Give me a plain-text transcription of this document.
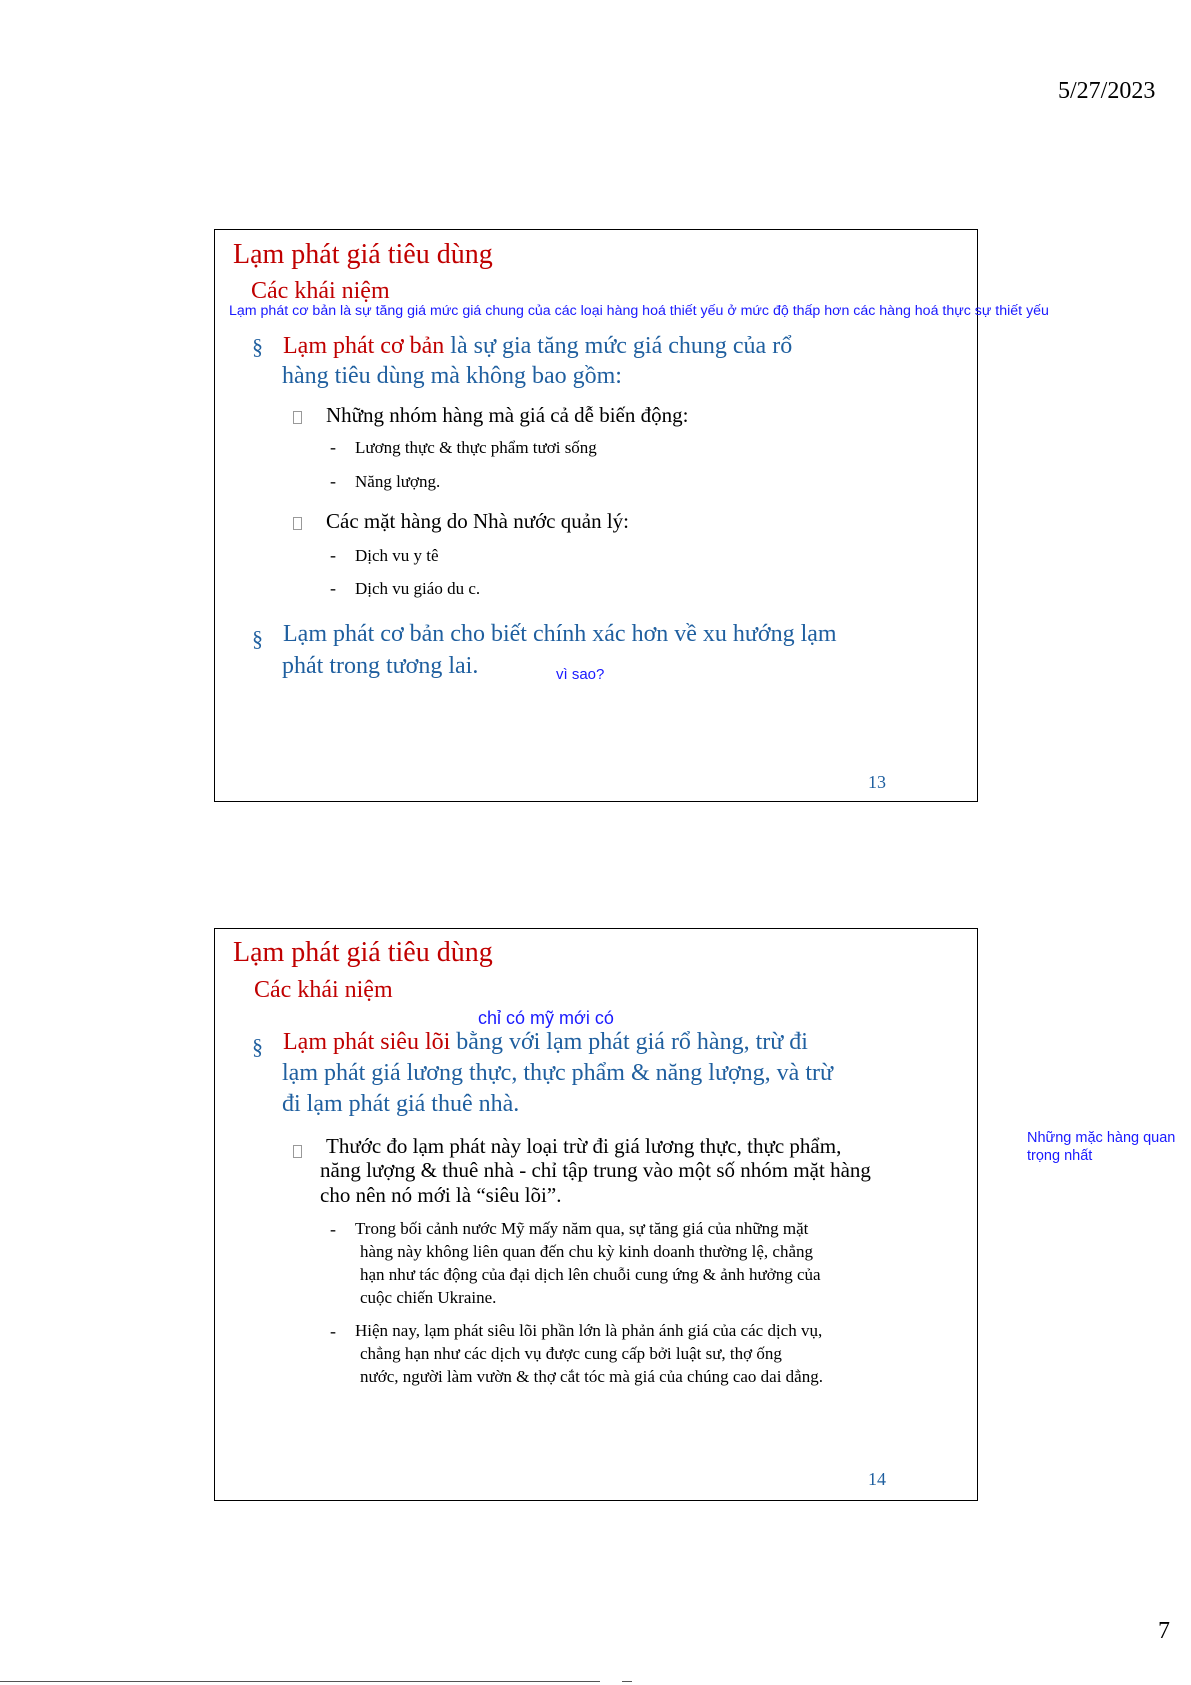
5/27/2023
Lạm phát giá tiêu dùng
Các khái niệm
Lạm phát cơ bản là sự tăng giá mức giá chung của các loại hàng hoá thiết yếu ở mức độ thấp hơn các hàng hoá thực sự thiết yếu
§ Lạm phát cơ bản là sự gia tăng mức giá chung của rổ
hàng tiêu dùng mà không bao gồm:
Những nhóm hàng mà giá cả dễ biến động:
- Lương thực & thực phẩm tươi sống
- Năng lượng.
Các mặt hàng do Nhà nước quản lý:
- Dịch vu y tê
- Dịch vu giáo du c.
§ Lạm phát cơ bản cho biết chính xác hơn về xu hướng lạm
phát trong tương lai.	vì sao?
13
Lạm phát giá tiêu dùng
Các khái niệm
chỉ có mỹ mới có
§ Lạm phát siêu lõi bằng với lạm phát giá rổ hàng, trừ đi
lạm phát giá lương thực, thực phẩm & năng lượng, và trừ
đi lạm phát giá thuê nhà.
Thước đo lạm phát này loại trừ đi giá lương thực, thực phẩm,
năng lượng & thuê nhà - chỉ tập trung vào một số nhóm mặt hàng
cho nên nó mới là “siêu lõi”.
- Trong bối cảnh nước Mỹ mấy năm qua, sự tăng giá của những mặt
hàng này không liên quan đến chu kỳ kinh doanh thường lệ, chẳng
hạn như tác động của đại dịch lên chuỗi cung ứng & ảnh hưởng của
cuộc chiến Ukraine.
- Hiện nay, lạm phát siêu lõi phần lớn là phản ánh giá của các dịch vụ,
chẳng hạn như các dịch vụ được cung cấp bởi luật sư, thợ ống
nước, người làm vườn & thợ cắt tóc mà giá của chúng cao dai dẳng.
14
Những mặc hàng quan
trọng nhất
7
